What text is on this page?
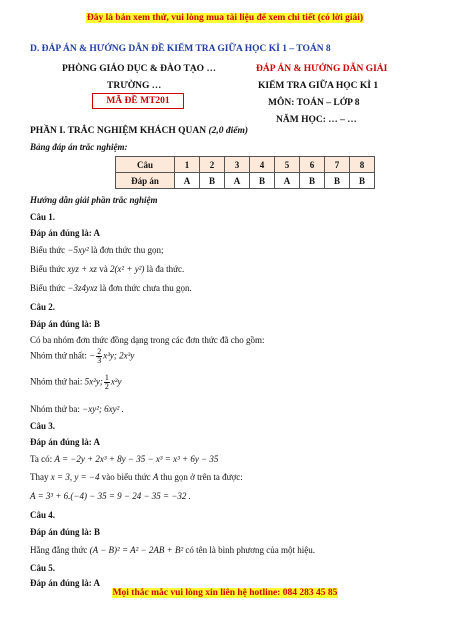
Đây là bản xem thử, vui lòng mua tài liệu để xem chi tiết (có lời giải)
D. ĐÁP ÁN & HƯỚNG DẪN ĐỀ KIỂM TRA GIỮA HỌC KÌ 1 – TOÁN 8
PHÒNG GIÁO DỤC & ĐÀO TẠO …
TRƯỜNG …
MÃ ĐỀ MT201
ĐÁP ÁN & HƯỚNG DẪN GIẢI
KIỂM TRA GIỮA HỌC KÌ 1
MÔN: TOÁN – LỚP 8
NĂM HỌC: … – …
PHẦN I. TRẮC NGHIỆM KHÁCH QUAN (2,0 điểm)
Bảng đáp án trắc nghiệm:
Câu	1	2	3	4	5	6	7	8
Đáp án	A	B	A	B	A	B	B	B
Hướng dẫn giải phần trắc nghiệm
Câu 1.
Đáp án đúng là: A
Biểu thức −5xy² là đơn thức thu gọn;
Biểu thức xyz + xz và 2(x² + y²) là đa thức.
Biểu thức −3z4yxz là đơn thức chưa thu gọn.
Câu 2.
Đáp án đúng là: B
Có ba nhóm đơn thức đồng dạng trong các đơn thức đã cho gồm:
Nhóm thứ nhất: − $\frac{2}{3} x^3y$; 2x³y
Nhóm thứ hai: 5x²y; $\frac{1}{2} x^2y$
Nhóm thứ ba: −xy²; 6xy² .
Câu 3.
Đáp án đúng là: A
Ta có: A = −2y + 2x³ + 8y − 35 − x³ = x³ + 6y − 35
Thay x = 3, y = −4 vào biểu thức A thu gọn ở trên ta được:
A = 3³ + 6.(−4) − 35 = 9 − 24 − 35 = −32 .
Câu 4.
Đáp án đúng là: B
Hằng đẳng thức (A − B)² = A² − 2AB + B² có tên là bình phương của một hiệu.
Câu 5.
Đáp án đúng là: A
Mọi thắc mắc vui lòng xin liên hệ hotline: 084 283 45 85
